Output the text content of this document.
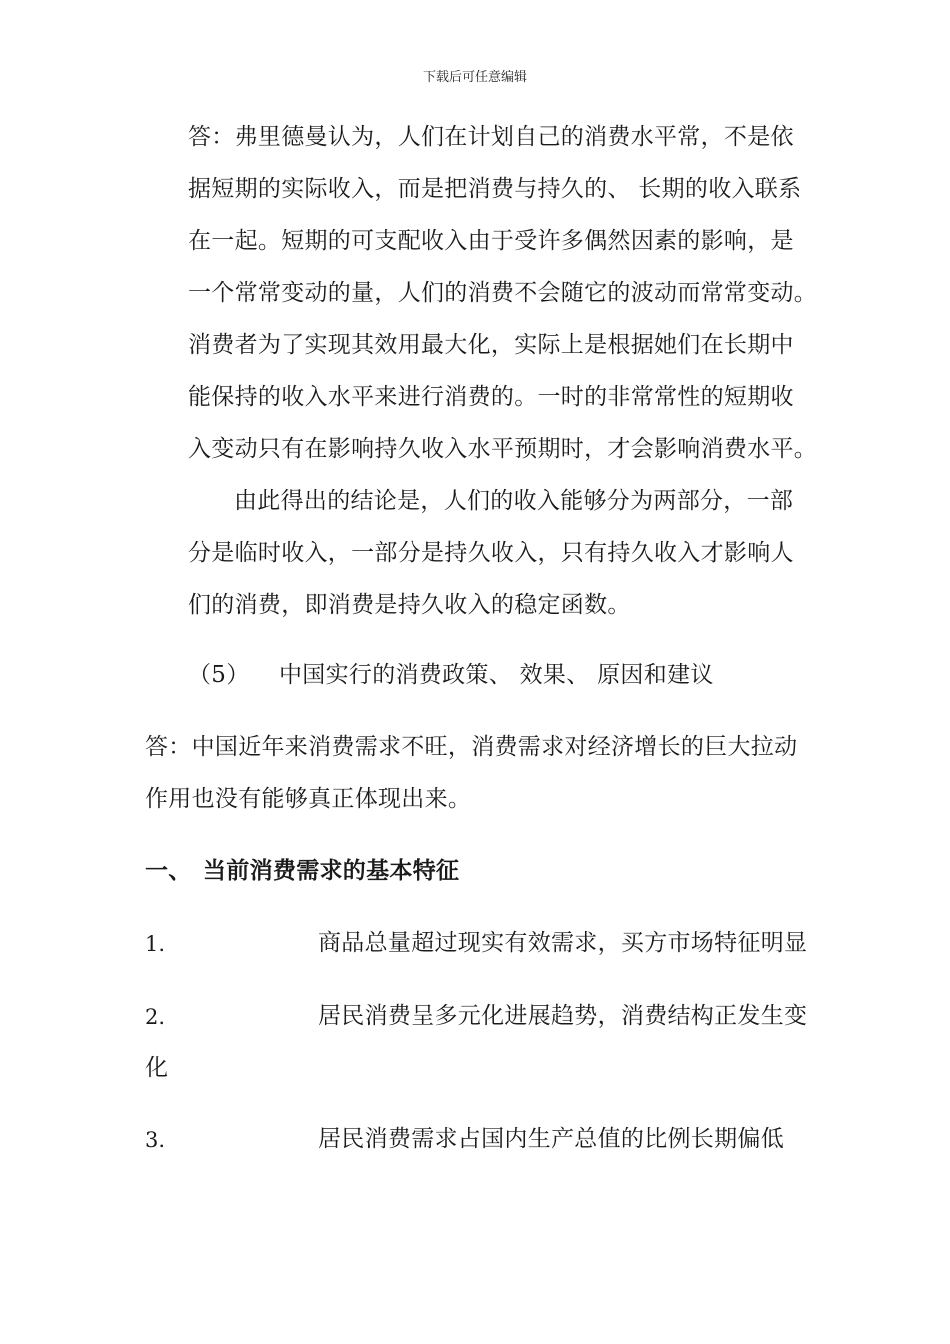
下载后可任意编辑
答：弗里德曼认为，人们在计划自己的消费水平常，不是依
据短期的实际收入，而是把消费与持久的、 长期的收入联系
在一起。短期的可支配收入由于受许多偶然因素的影响，是
一个常常变动的量，人们的消费不会随它的波动而常常变动。
消费者为了实现其效用最大化，实际上是根据她们在长期中
能保持的收入水平来进行消费的。一时的非常常性的短期收
入变动只有在影响持久收入水平预期时，才会影响消费水平。
由此得出的结论是，人们的收入能够分为两部分，一部
分是临时收入，一部分是持久收入，只有持久收入才影响人
们的消费，即消费是持久收入的稳定函数。
（5） 中国实行的消费政策、 效果、 原因和建议
答：中国近年来消费需求不旺，消费需求对经济增长的巨大拉动
作用也没有能够真正体现出来。
一、 当前消费需求的基本特征
1.	商品总量超过现实有效需求，买方市场特征明显
2.	居民消费呈多元化进展趋势，消费结构正发生变
化
3.	居民消费需求占国内生产总值的比例长期偏低
